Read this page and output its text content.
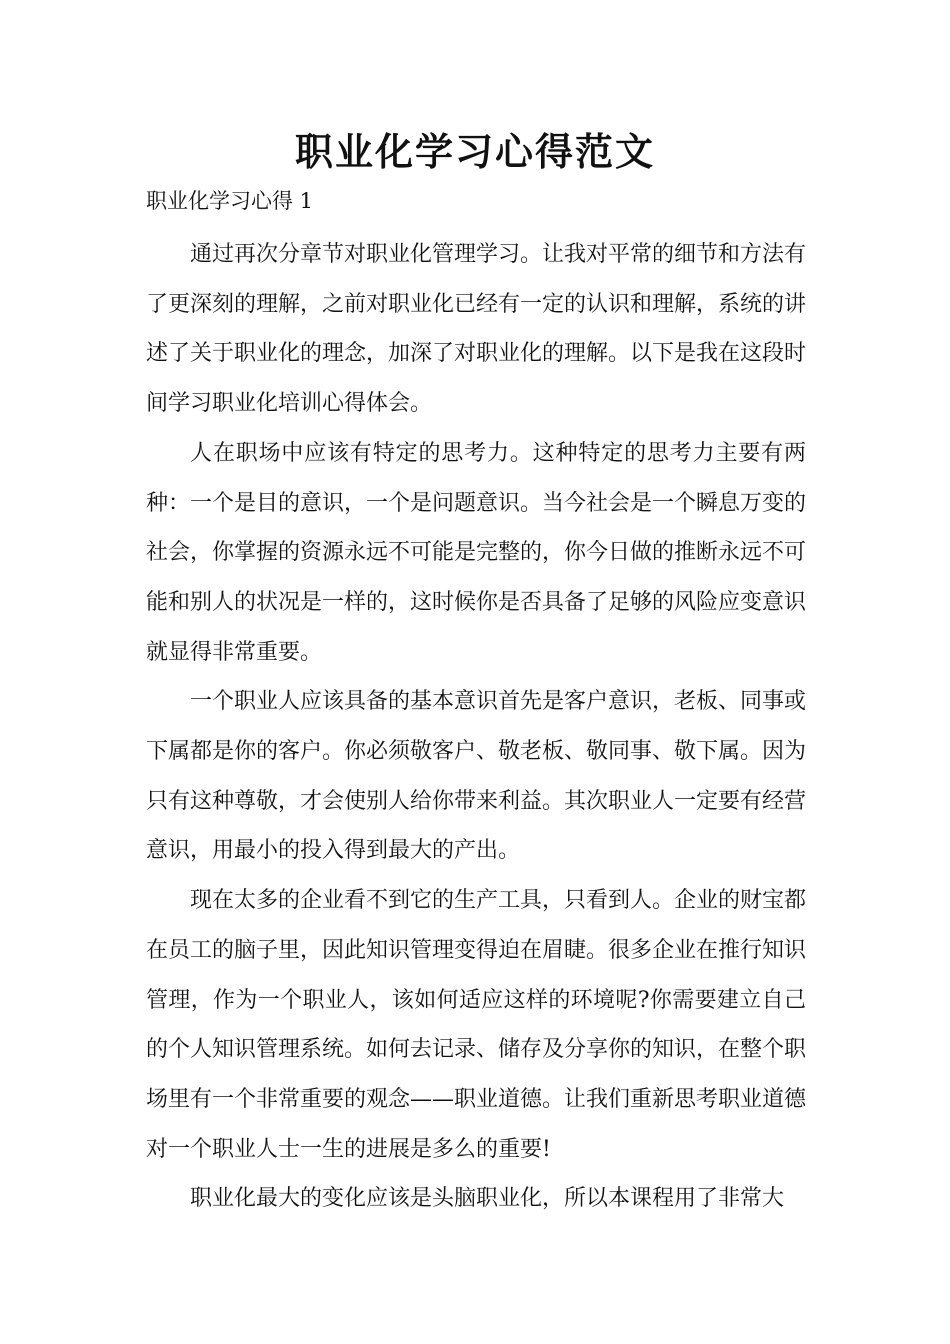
职业化学习心得范文

职业化学习心得 1

通过再次分章节对职业化管理学习。让我对平常的细节和方法有了更深刻的理解，之前对职业化已经有一定的认识和理解，系统的讲述了关于职业化的理念，加深了对职业化的理解。以下是我在这段时间学习职业化培训心得体会。

人在职场中应该有特定的思考力。这种特定的思考力主要有两种：一个是目的意识，一个是问题意识。当今社会是一个瞬息万变的社会，你掌握的资源永远不可能是完整的，你今日做的推断永远不可能和别人的状况是一样的，这时候你是否具备了足够的风险应变意识就显得非常重要。

一个职业人应该具备的基本意识首先是客户意识，老板、同事或下属都是你的客户。你必须敬客户、敬老板、敬同事、敬下属。因为只有这种尊敬，才会使别人给你带来利益。其次职业人一定要有经营意识，用最小的投入得到最大的产出。

现在太多的企业看不到它的生产工具，只看到人。企业的财宝都在员工的脑子里，因此知识管理变得迫在眉睫。很多企业在推行知识管理，作为一个职业人，该如何适应这样的环境呢?你需要建立自己的个人知识管理系统。如何去记录、储存及分享你的知识，在整个职场里有一个非常重要的观念——职业道德。让我们重新思考职业道德对一个职业人士一生的进展是多么的重要!

职业化最大的变化应该是头脑职业化，所以本课程用了非常大
